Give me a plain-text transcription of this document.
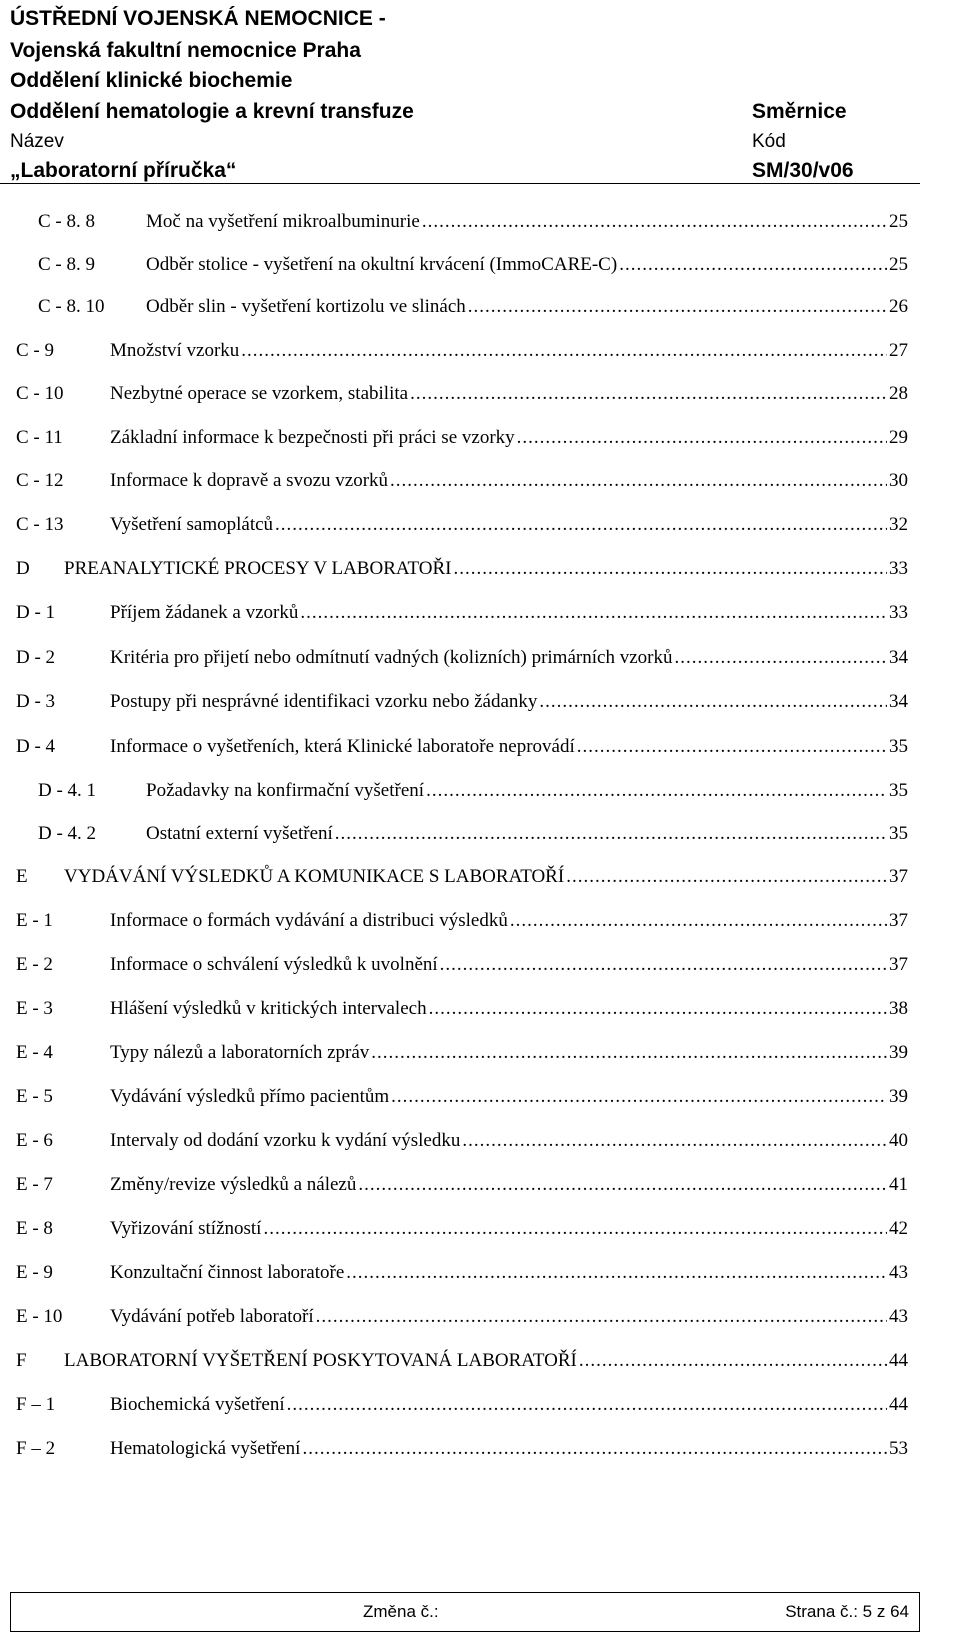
ÚSTŘEDNÍ VOJENSKÁ NEMOCNICE -
Vojenská fakultní nemocnice Praha
Oddělení klinické biochemie
Oddělení hematologie a krevní transfuze	Směrnice
Název	Kód
„Laboratorní příručka“	SM/30/v06
C - 8. 8	Moč na vyšetření mikroalbuminurie .....	25
C - 8. 9	Odběr stolice - vyšetření na okultní krvácení (ImmoCARE-C) .....	25
C - 8. 10	Odběr slin - vyšetření kortizolu ve slinách .....	26
C - 9	Množství vzorku .....	27
C - 10	Nezbytné operace se vzorkem, stabilita .....	28
C - 11	Základní informace k bezpečnosti při práci se vzorky .....	29
C - 12	Informace k dopravě a svozu vzorků .....	30
C - 13	Vyšetření samoplátců .....	32
D	PREANALYTICKÉ PROCESY V LABORATOŘI .....	33
D - 1	Příjem žádanek a vzorků .....	33
D - 2	Kritéria pro přijetí nebo odmítnutí vadných (kolizních) primárních vzorků .....	34
D - 3	Postupy při nesprávné identifikaci vzorku nebo žádanky .....	34
D - 4	Informace o vyšetřeních, která Klinické laboratoře neprovádí .....	35
D - 4. 1	Požadavky na konfirmační vyšetření .....	35
D - 4. 2	Ostatní externí vyšetření .....	35
E	VYDÁVÁNÍ VÝSLEDKŮ A KOMUNIKACE S LABORATOŘÍ .....	37
E - 1	Informace o formách vydávání a distribuci výsledků .....	37
E - 2	Informace o schválení výsledků k uvolnění .....	37
E - 3	Hlášení výsledků v kritických intervalech .....	38
E - 4	Typy nálezů a laboratorních zpráv .....	39
E - 5	Vydávání výsledků přímo pacientům .....	39
E - 6	Intervaly od dodání vzorku k vydání výsledku .....	40
E - 7	Změny/revize výsledků a nálezů .....	41
E - 8	Vyřizování stížností .....	42
E - 9	Konzultační činnost laboratoře .....	43
E - 10	Vydávání potřeb laboratoří .....	43
F	LABORATORNÍ VYŠETŘENÍ POSKYTOVANÁ LABORATOŘÍ .....	44
F – 1	Biochemická vyšetření .....	44
F – 2	Hematologická vyšetření .....	53
Změna č.:	Strana č.: 5 z 64
